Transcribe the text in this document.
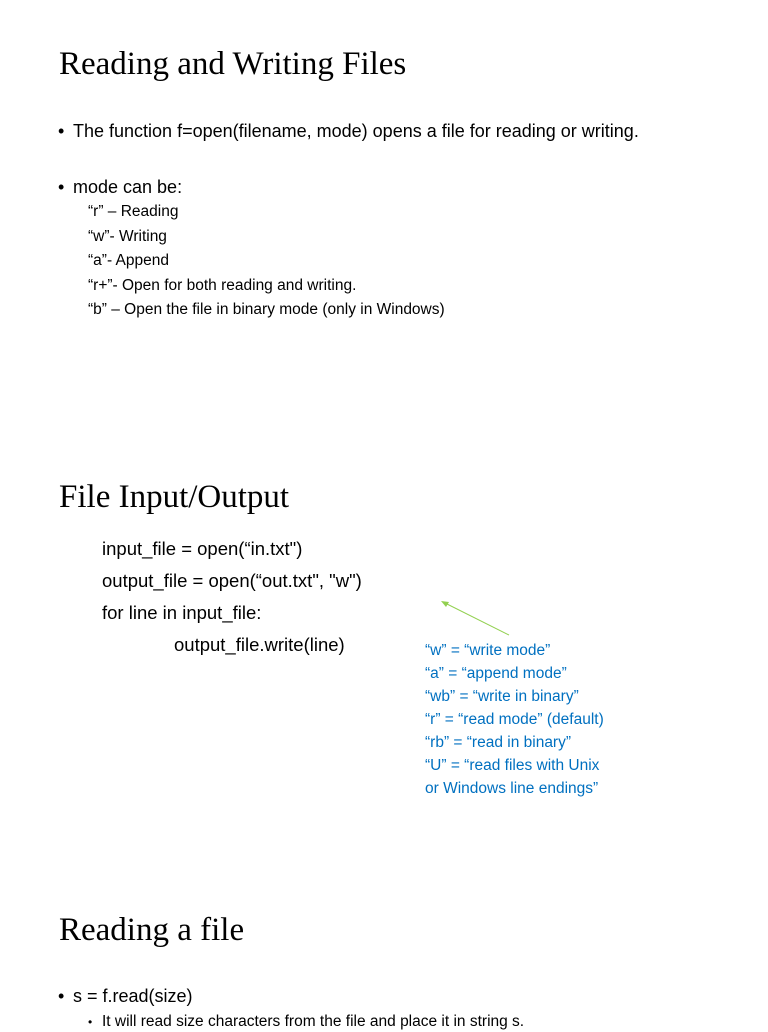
Reading and Writing Files
• The function f=open(filename, mode) opens a file for reading or writing.
• mode can be:
“r” – Reading
“w”- Writing
“a”- Append
“r+”- Open for both reading and writing.
“b” – Open the file in binary mode (only in Windows)
File Input/Output
input_file = open(“in.txt")
output_file = open(“out.txt", "w")
for line in input_file:
output_file.write(line)	“w” = “write mode”
“a” = “append mode”
“wb” = “write in binary”
“r” = “read mode” (default)
“rb” = “read in binary”
“U” = “read files with Unix
or Windows line endings”
Reading a file
• s = f.read(size)
• It will read size characters from the file and place it in string s.
